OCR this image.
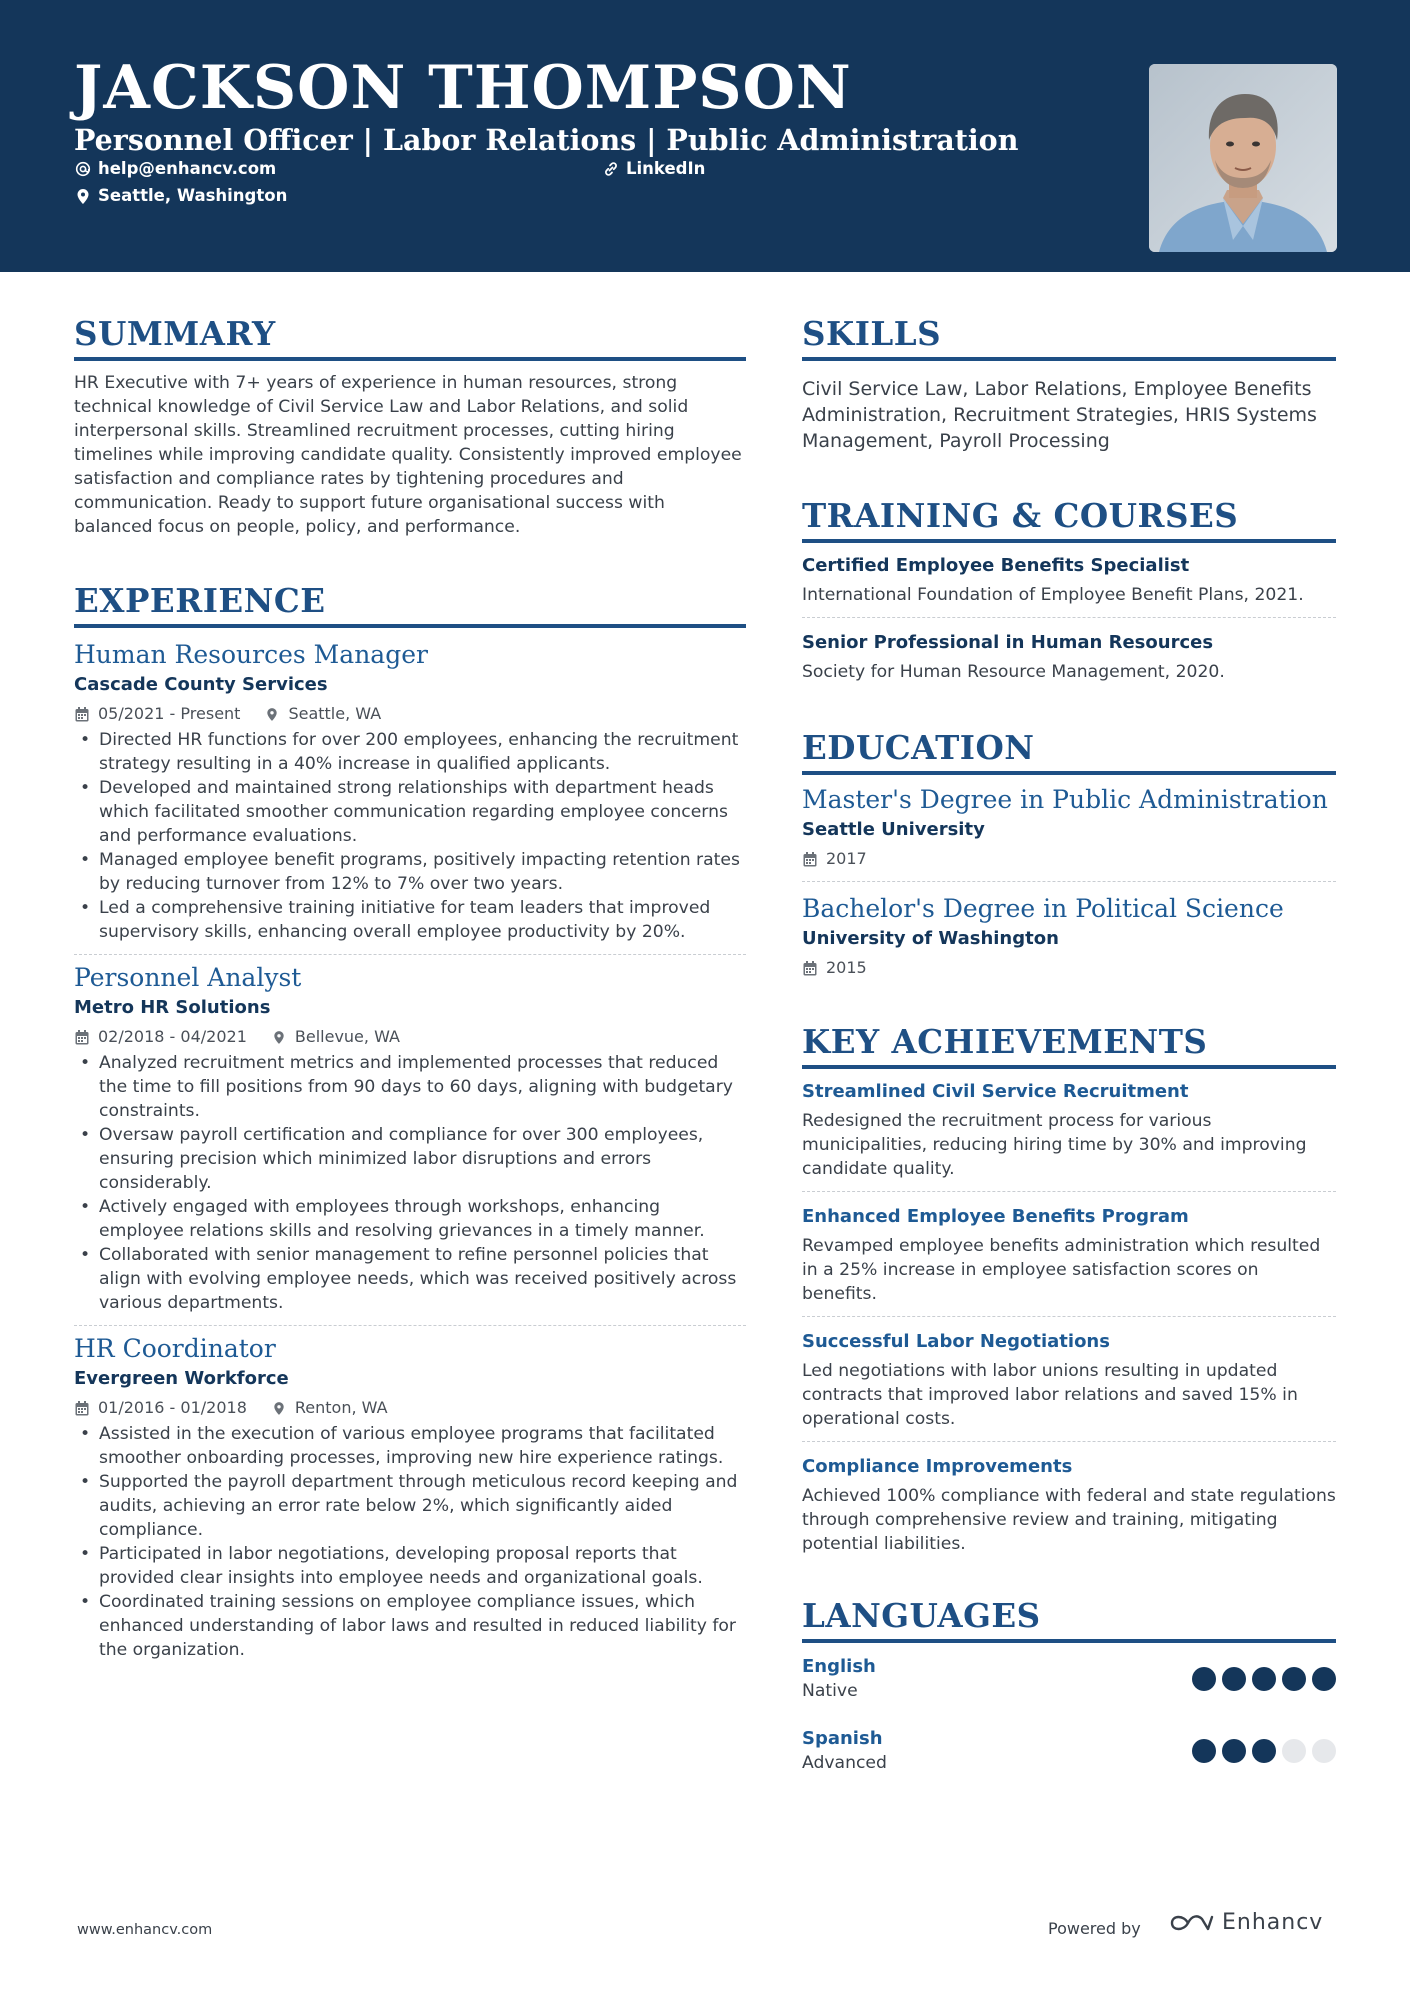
JACKSON THOMPSON
Personnel Officer | Labor Relations | Public Administration
help@enhancv.com	LinkedIn
Seattle, Washington
SUMMARY

HR Executive with 7+ years of experience in human resources, strong technical knowledge of Civil Service Law and Labor Relations, and solid interpersonal skills. Streamlined recruitment processes, cutting hiring timelines while improving candidate quality. Consistently improved employee satisfaction and compliance rates by tightening procedures and communication. Ready to support future organisational success with balanced focus on people, policy, and performance.

EXPERIENCE
Human Resources Manager
Cascade County Services
05/2021 - Present	Seattle, WA
• Directed HR functions for over 200 employees, enhancing the recruitment strategy resulting in a 40% increase in qualified applicants.
• Developed and maintained strong relationships with department heads which facilitated smoother communication regarding employee concerns and performance evaluations.
• Managed employee benefit programs, positively impacting retention rates by reducing turnover from 12% to 7% over two years.
• Led a comprehensive training initiative for team leaders that improved supervisory skills, enhancing overall employee productivity by 20%.
Personnel Analyst
Metro HR Solutions
02/2018 - 04/2021	Bellevue, WA
• Analyzed recruitment metrics and implemented processes that reduced the time to fill positions from 90 days to 60 days, aligning with budgetary constraints.
• Oversaw payroll certification and compliance for over 300 employees, ensuring precision which minimized labor disruptions and errors considerably.
• Actively engaged with employees through workshops, enhancing employee relations skills and resolving grievances in a timely manner.
• Collaborated with senior management to refine personnel policies that align with evolving employee needs, which was received positively across various departments.
HR Coordinator
Evergreen Workforce
01/2016 - 01/2018	Renton, WA
• Assisted in the execution of various employee programs that facilitated smoother onboarding processes, improving new hire experience ratings.
• Supported the payroll department through meticulous record keeping and audits, achieving an error rate below 2%, which significantly aided compliance.
• Participated in labor negotiations, developing proposal reports that provided clear insights into employee needs and organizational goals.
• Coordinated training sessions on employee compliance issues, which enhanced understanding of labor laws and resulted in reduced liability for the organization.
SKILLS

Civil Service Law, Labor Relations, Employee Benefits Administration, Recruitment Strategies, HRIS Systems Management, Payroll Processing

TRAINING & COURSES
Certified Employee Benefits Specialist
International Foundation of Employee Benefit Plans, 2021.
Senior Professional in Human Resources
Society for Human Resource Management, 2020.
EDUCATION
Master's Degree in Public Administration
Seattle University
2017
Bachelor's Degree in Political Science
University of Washington
2015
KEY ACHIEVEMENTS
Streamlined Civil Service Recruitment
Redesigned the recruitment process for various municipalities, reducing hiring time by 30% and improving candidate quality.
Enhanced Employee Benefits Program
Revamped employee benefits administration which resulted in a 25% increase in employee satisfaction scores on benefits.
Successful Labor Negotiations
Led negotiations with labor unions resulting in updated contracts that improved labor relations and saved 15% in operational costs.
Compliance Improvements
Achieved 100% compliance with federal and state regulations through comprehensive review and training, mitigating potential liabilities.
LANGUAGES
English
Native
Spanish
Advanced
www.enhancv.com	Powered by	Enhancv
